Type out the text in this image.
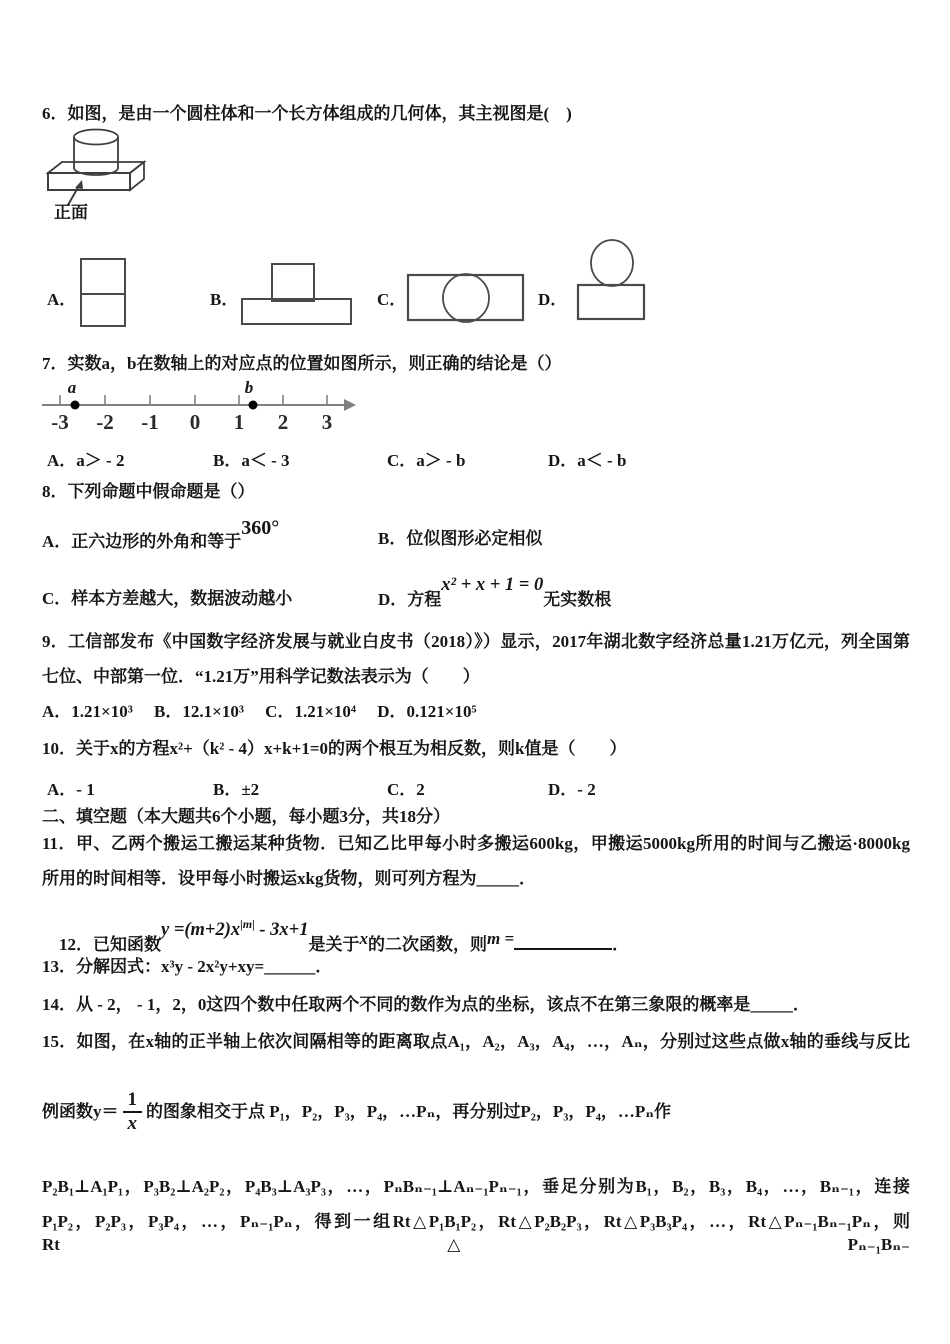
6．如图，是由一个圆柱体和一个长方体组成的几何体，其主视图是(　)
正面
A．	B．	C．	D．
7．实数a，b在数轴上的对应点的位置如图所示，则正确的结论是（）
-3 -2 -1 0 1 2 3
a	b
A．a＞ - 2	B．a＜ - 3	C．a＞ - b	D．a＜ - b
8．下列命题中假命题是（）
A．正六边形的外角和等于360°	B．位似图形必定相似
C．样本方差越大，数据波动越小	D．方程x² + x + 1 = 0无实数根
9．工信部发布《中国数字经济发展与就业白皮书（2018）》）显示，2017年湖北数字经济总量1.21万亿元，列全国第
七位、中部第一位．“1.21万”用科学记数法表示为（　　）
A．1.21×10³　 B．12.1×10³　 C．1.21×10⁴　 D．0.121×10⁵
10．关于x的方程x²+（k² - 4）x+k+1=0的两个根互为相反数，则k值是（　　）
A．- 1	B．±2	C．2	D．- 2
二、填空题（本大题共6个小题，每小题3分，共18分）
11．甲、乙两个搬运工搬运某种货物．已知乙比甲每小时多搬运600kg，甲搬运5000kg所用的时间与乙搬运·8000kg
所用的时间相等．设甲每小时搬运xkg货物，则可列方程为_____．

12．已知函数$y =(m+2)x^{|m|} - 3x+1$是关于x的二次函数，则m =	．

13．分解因式：x³y - 2x²y+xy=______．
14．从 - 2， - 1，2，0这四个数中任取两个不同的数作为点的坐标，该点不在第三象限的概率是_____．
15．如图，在x轴的正半轴上依次间隔相等的距离取点A₁，A₂，A₃，A₄，…，Aₙ，分别过这些点做x轴的垂线与反比
例函数$y= \frac{1}{x}$ 的图象相交于点 P₁，P₂，P₃，P₄，…Pₙ，再分别过P₂，P₃，P₄，…Pₙ作
P₂B₁⊥A₁P₁，P₃B₂⊥A₂P₂，P₄B₃⊥A₃P₃，…，PₙBₙ₋₁⊥Aₙ₋₁Pₙ₋₁，垂足分别为B₁，B₂，B₃，B₄，…，Bₙ₋₁，连接
P₁P₂，P₂P₃，P₃P₄，…，Pₙ₋₁Pₙ，得到一组Rt△P₁B₁P₂，Rt△P₂B₂P₃，Rt△P₃B₃P₄，…，Rt△Pₙ₋₁Bₙ₋₁Pₙ，则Rt△Pₙ₋₁Bₙ₋
